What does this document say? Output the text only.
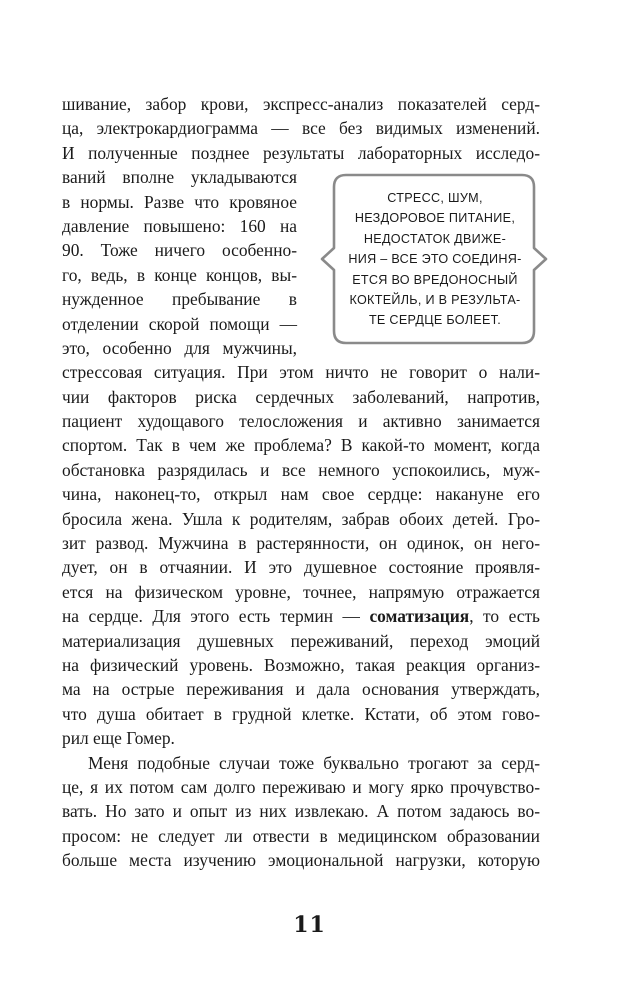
шивание, забор крови, экспресс-анализ показателей серд-
ца, электрокардиограмма — все без видимых изменений.
И полученные позднее результаты лабораторных исследо-
ваний вполне укладываются
в нормы. Разве что кровяное
давление повышено: 160 на
90. Тоже ничего особенно-
го, ведь, в конце концов, вы-
нужденное пребывание в
отделении скорой помощи —
это, особенно для мужчины,
стрессовая ситуация. При этом ничто не говорит о нали-
чии факторов риска сердечных заболеваний, напротив,
пациент худощавого телосложения и активно занимается
спортом. Так в чем же проблема? В какой-то момент, когда
обстановка разрядилась и все немного успокоились, муж-
чина, наконец-то, открыл нам свое сердце: накануне его
бросила жена. Ушла к родителям, забрав обоих детей. Гро-
зит развод. Мужчина в растерянности, он одинок, он него-
дует, он в отчаянии. И это душевное состояние проявля-
ется на физическом уровне, точнее, напрямую отражается
на сердце. Для этого есть термин — соматизация, то есть
материализация душевных переживаний, переход эмоций
на физический уровень. Возможно, такая реакция организ-
ма на острые переживания и дала основания утверждать,
что душа обитает в грудной клетке. Кстати, об этом гово-
рил еще Гомер.
Меня подобные случаи тоже буквально трогают за серд-
це, я их потом сам долго переживаю и могу ярко прочувство-
вать. Но зато и опыт из них извлекаю. А потом задаюсь во-
просом: не следует ли отвести в медицинском образовании
больше места изучению эмоциональной нагрузки, которую
СТРЕСС, ШУМ,
НЕЗДОРОВОЕ ПИТАНИЕ,
НЕДОСТАТОК ДВИЖЕ-
НИЯ – ВСЕ ЭТО СОЕДИНЯ-
ЕТСЯ ВО ВРЕДОНОСНЫЙ
КОКТЕЙЛЬ, И В РЕЗУЛЬТА-
ТЕ СЕРДЦЕ БОЛЕЕТ.
11
